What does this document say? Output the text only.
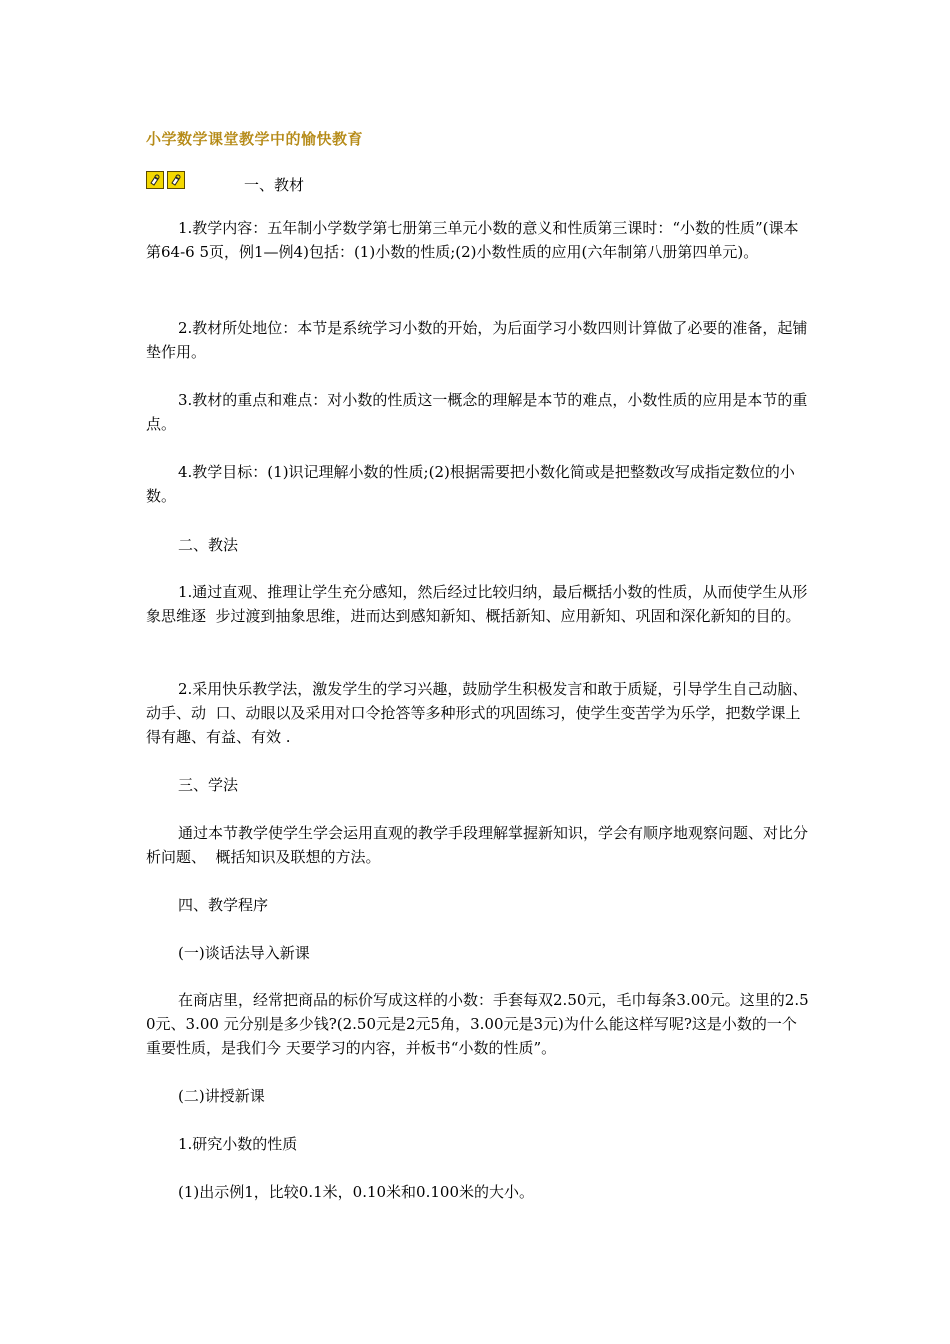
小学数学课堂教学中的愉快教育
一、教材
1.教学内容：五年制小学数学第七册第三单元小数的意义和性质第三课时：“小数的性质”(课本第64-6 5页，例1—例4)包括：(1)小数的性质;(2)小数性质的应用(六年制第八册第四单元)。
2.教材所处地位：本节是系统学习小数的开始，为后面学习小数四则计算做了必要的准备，起铺垫作用。
3.教材的重点和难点：对小数的性质这一概念的理解是本节的难点，小数性质的应用是本节的重点。
4.教学目标：(1)识记理解小数的性质;(2)根据需要把小数化简或是把整数改写成指定数位的小数。
二、教法
1.通过直观、推理让学生充分感知，然后经过比较归纳，最后概括小数的性质，从而使学生从形象思维逐  步过渡到抽象思维，进而达到感知新知、概括新知、应用新知、巩固和深化新知的目的。
2.采用快乐教学法，激发学生的学习兴趣，鼓励学生积极发言和敢于质疑，引导学生自己动脑、动手、动  口、动眼以及采用对口令抢答等多种形式的巩固练习，使学生变苦学为乐学，把数学课上得有趣、有益、有效 .
三、学法
通过本节教学使学生学会运用直观的教学手段理解掌握新知识，学会有顺序地观察问题、对比分析问题、  概括知识及联想的方法。
四、教学程序
(一)谈话法导入新课
在商店里，经常把商品的标价写成这样的小数：手套每双2.50元，毛巾每条3.00元。这里的2.50元、3.00 元分别是多少钱?(2.50元是2元5角，3.00元是3元)为什么能这样写呢?这是小数的一个重要性质，是我们今 天要学习的内容，并板书“小数的性质”。
(二)讲授新课
1.研究小数的性质
(1)出示例1，比较0.1米，0.10米和0.100米的大小。
